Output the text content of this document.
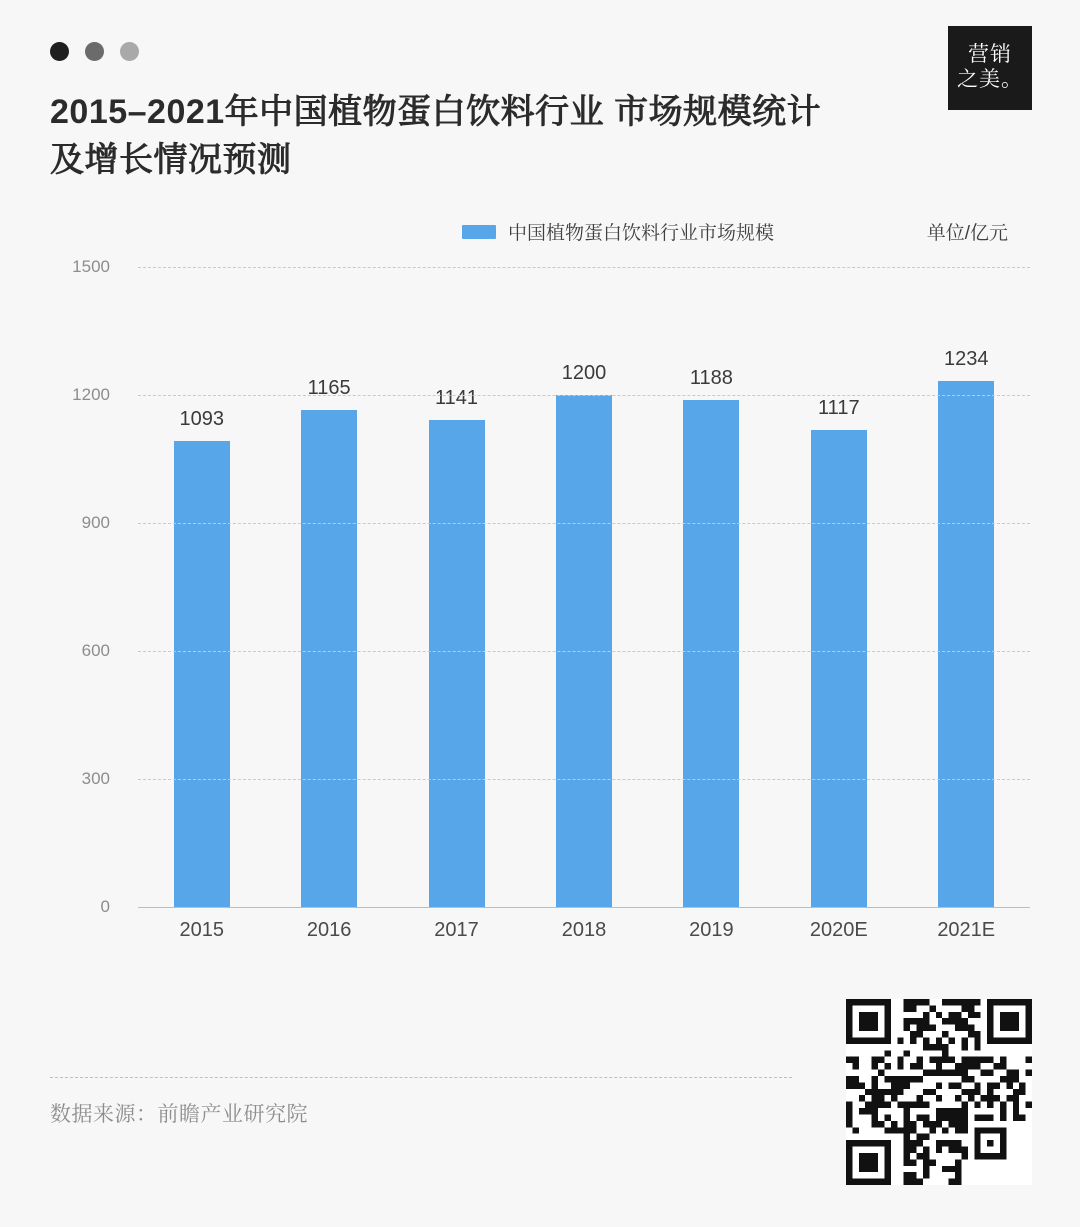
营销
之美。
2015–2021年中国植物蛋白饮料行业 市场规模统计及增长情况预测
中国植物蛋白饮料行业市场规模	单位/亿元
1093
1165	1141
1200	1188
1117
1234
0
300
600
900
1200
1500
2015	2016	2017	2018	2019	2020E	2021E
数据来源：前瞻产业研究院
